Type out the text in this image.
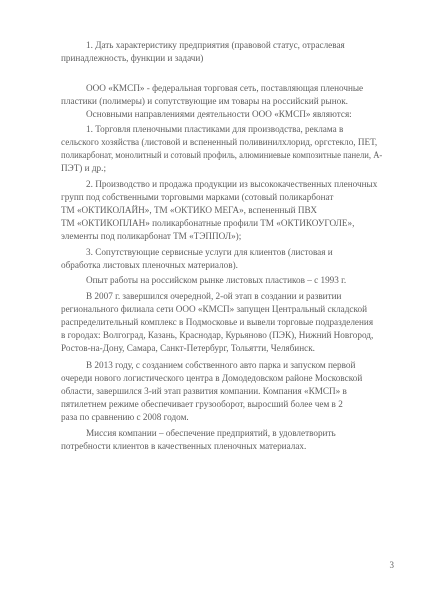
1. Дать характеристику предприятия (правовой статус, отраслевая
принадлежность, функции и задачи)
ООО «КМСП» - федеральная торговая сеть, поставляющая пленочные
пластики (полимеры) и сопутствующие им товары на российский рынок.
Основными направлениями деятельности ООО «КМСП» являются:
1. Торговля пленочными пластиками для производства, реклама в
сельского хозяйства (листовой и вспененный поливинилхлорид, оргстекло, ПЕТ,
поликарбонат, монолитный и сотовый профиль, алюминиевые композитные панели, А-
ПЭТ) и др.;
2. Производство и продажа продукции из высококачественных пленочных
групп под собственными торговыми марками (сотовый поликарбонат
ТМ «ОКТИКОЛАЙН», ТМ «ОКТИКО МЕГА», вспененный ПВХ
ТМ «ОКТИКОПЛАН» поликарбонатные профили ТМ «ОКТИКОУГОЛЕ»,
элементы под поликарбонат ТМ «ТЭППОЛ»);
3. Сопутствующие сервисные услуги для клиентов (листовая и
обработка листовых пленочных материалов).
Опыт работы на российском рынке листовых пластиков – с 1993 г.
В 2007 г. завершился очередной, 2-ой этап в создании и развитии
регионального филиала сети ООО «КМСП» запущен Центральный складской
распределительный комплекс в Подмосковье и вывели торговые подразделения
в городах: Волгоград, Казань, Краснодар, Курьяново (ПЭК), Нижний Новгород,
Ростов-на-Дону, Самара, Санкт-Петербург, Тольятти, Челябинск.
В 2013 году, с созданием собственного авто парка и запуском первой
очереди нового логистического центра в Домодедовском районе Московской
области, завершился 3-ий этап развития компании. Компания «КМСП» в
пятилетнем режиме обеспечивает грузооборот, выросший более чем в 2
раза по сравнению с 2008 годом.
Миссия компании – обеспечение предприятий, в удовлетворить
потребности клиентов в качественных пленочных материалах.
3
